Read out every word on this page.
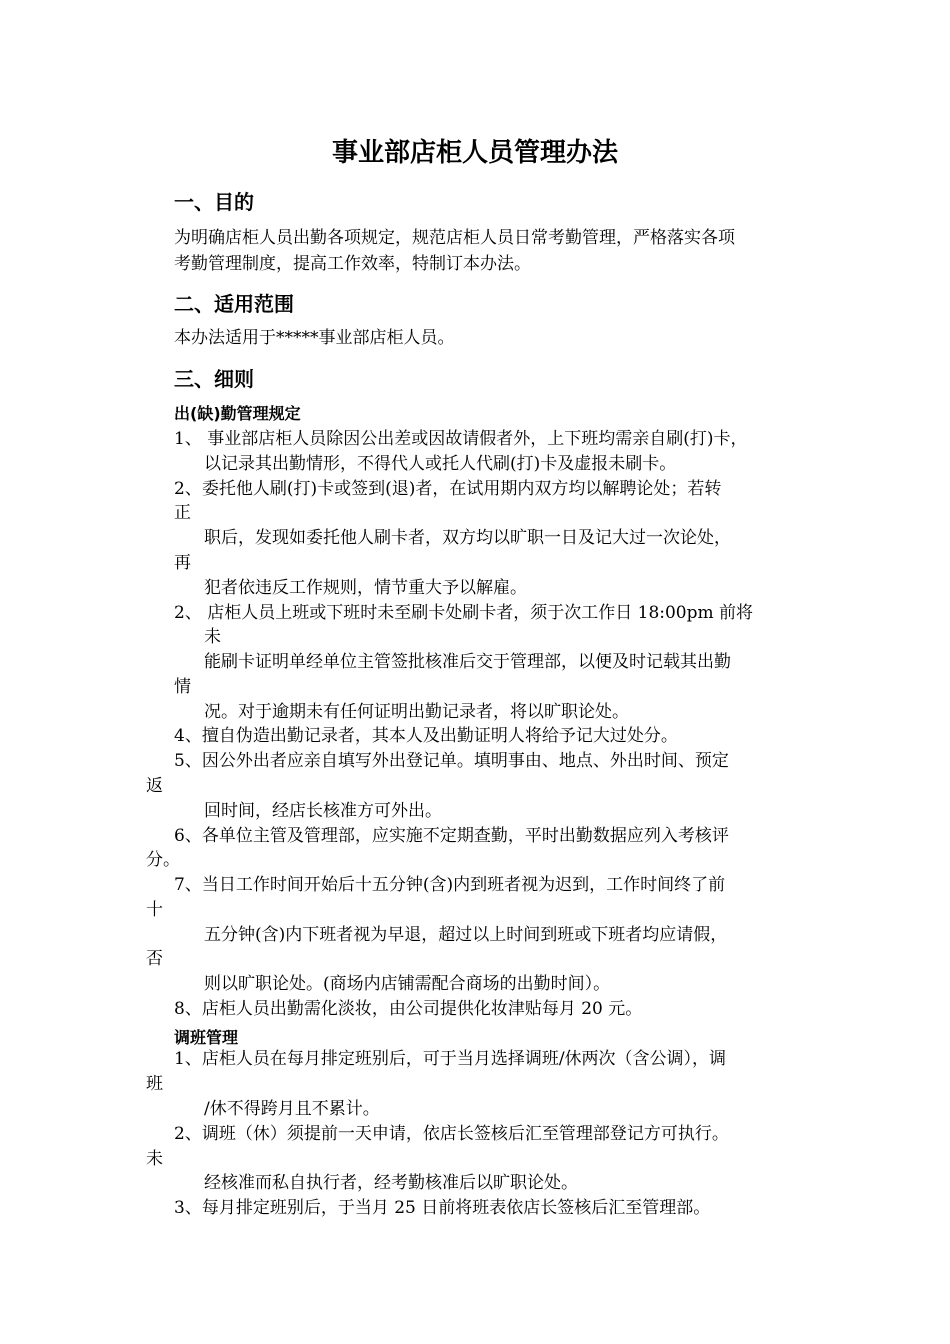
事业部店柜人员管理办法
一、目的

为明确店柜人员出勤各项规定，规范店柜人员日常考勤管理，严格落实各项

考勤管理制度，提高工作效率，特制订本办法。

二、适用范围

本办法适用于*****事业部店柜人员。

三、细则
出(缺)勤管理规定

1、 事业部店柜人员除因公出差或因故请假者外，上下班均需亲自刷(打)卡，

以记录其出勤情形，不得代人或托人代刷(打)卡及虚报未刷卡。

2、委托他人刷(打)卡或签到(退)者，在试用期内双方均以解聘论处；若转

正

职后，发现如委托他人刷卡者，双方均以旷职一日及记大过一次论处，

再

犯者依违反工作规则，情节重大予以解雇。

2、 店柜人员上班或下班时未至刷卡处刷卡者，须于次工作日 18:00pm 前将

未

能刷卡证明单经单位主管签批核准后交于管理部，以便及时记载其出勤

情

况。对于逾期未有任何证明出勤记录者，将以旷职论处。

4、擅自伪造出勤记录者，其本人及出勤证明人将给予记大过处分。

5、因公外出者应亲自填写外出登记单。填明事由、地点、外出时间、预定

返

回时间，经店长核准方可外出。

6、各单位主管及管理部，应实施不定期查勤，平时出勤数据应列入考核评

分。

7、当日工作时间开始后十五分钟(含)内到班者视为迟到，工作时间终了前

十

五分钟(含)内下班者视为早退，超过以上时间到班或下班者均应请假，

否

则以旷职论处。(商场内店铺需配合商场的出勤时间）。

8、店柜人员出勤需化淡妆，由公司提供化妆津贴每月 20 元。

调班管理

1、店柜人员在每月排定班别后，可于当月选择调班/休两次（含公调），调

班

/休不得跨月且不累计。

2、调班（休）须提前一天申请，依店长签核后汇至管理部登记方可执行。

未

经核准而私自执行者，经考勤核准后以旷职论处。

3、每月排定班别后，于当月 25 日前将班表依店长签核后汇至管理部。
